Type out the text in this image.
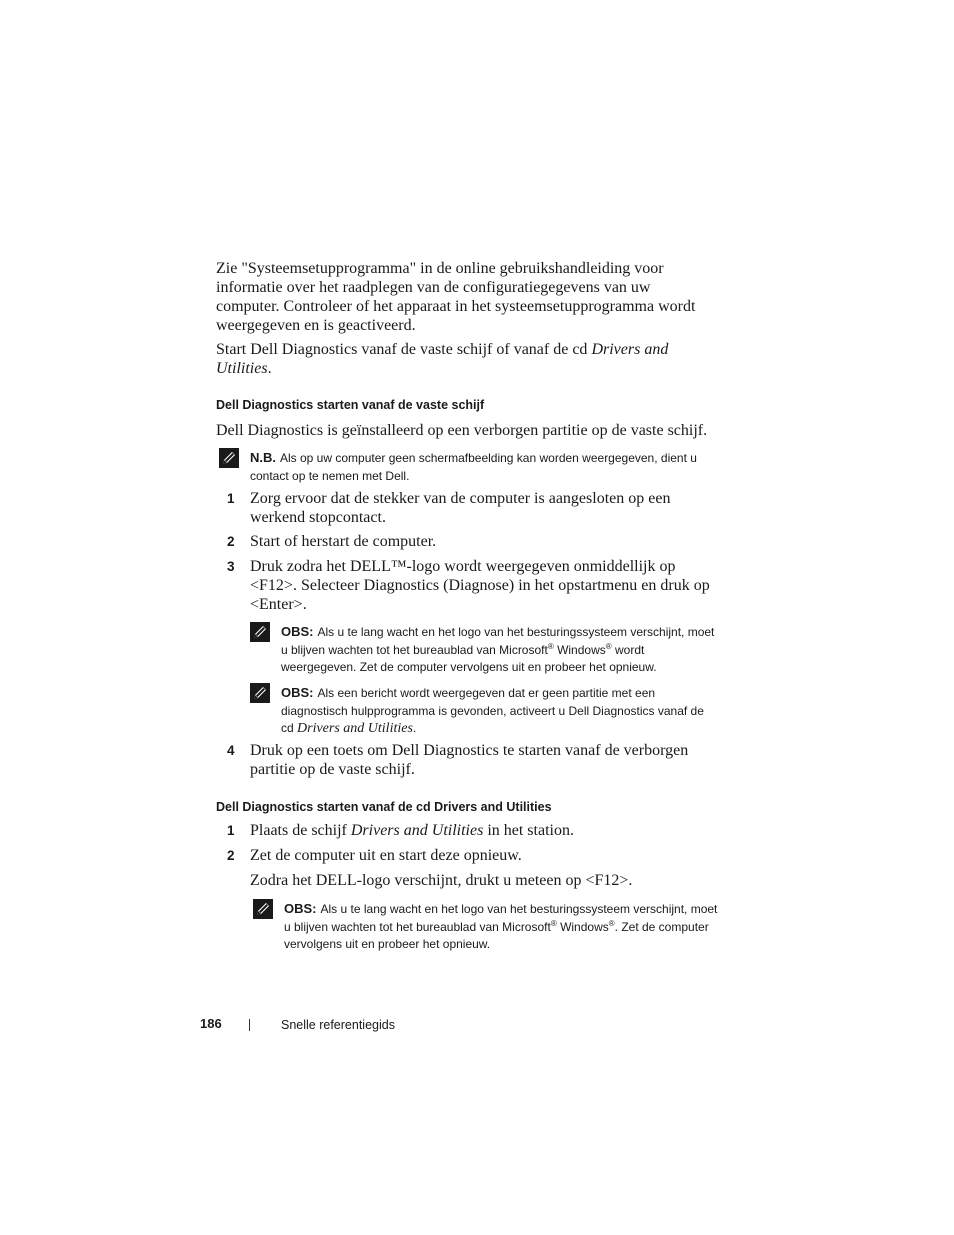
Zie "Systeemsetupprogramma" in de online gebruikshandleiding voor informatie over het raadplegen van de configuratiegegevens van uw computer. Controleer of het apparaat in het systeemsetupprogramma wordt weergegeven en is geactiveerd.

Start Dell Diagnostics vanaf de vaste schijf of vanaf de cd Drivers and Utilities.

Dell Diagnostics starten vanaf de vaste schijf

Dell Diagnostics is geïnstalleerd op een verborgen partitie op de vaste schijf.

N.B. Als op uw computer geen schermafbeelding kan worden weergegeven, dient u contact op te nemen met Dell.
1 Zorg ervoor dat de stekker van de computer is aangesloten op een werkend stopcontact.

2 Start of herstart de computer.

3 Druk zodra het DELL™-logo wordt weergegeven onmiddellijk op <F12>. Selecteer Diagnostics (Diagnose) in het opstartmenu en druk op <Enter>.

OBS: Als u te lang wacht en het logo van het besturingssysteem verschijnt, moet u blijven wachten tot het bureaublad van Microsoft® Windows® wordt weergegeven. Zet de computer vervolgens uit en probeer het opnieuw.
OBS: Als een bericht wordt weergegeven dat er geen partitie met een diagnostisch hulpprogramma is gevonden, activeert u Dell Diagnostics vanaf de cd Drivers and Utilities.
4 Druk op een toets om Dell Diagnostics te starten vanaf de verborgen partitie op de vaste schijf.

Dell Diagnostics starten vanaf de cd Drivers and Utilities
1 Plaats de schijf Drivers and Utilities in het station.

2 Zet de computer uit en start deze opnieuw.

Zodra het DELL-logo verschijnt, drukt u meteen op <F12>.

OBS: Als u te lang wacht en het logo van het besturingssysteem verschijnt, moet u blijven wachten tot het bureaublad van Microsoft® Windows®. Zet de computer vervolgens uit en probeer het opnieuw.
186	Snelle referentiegids
